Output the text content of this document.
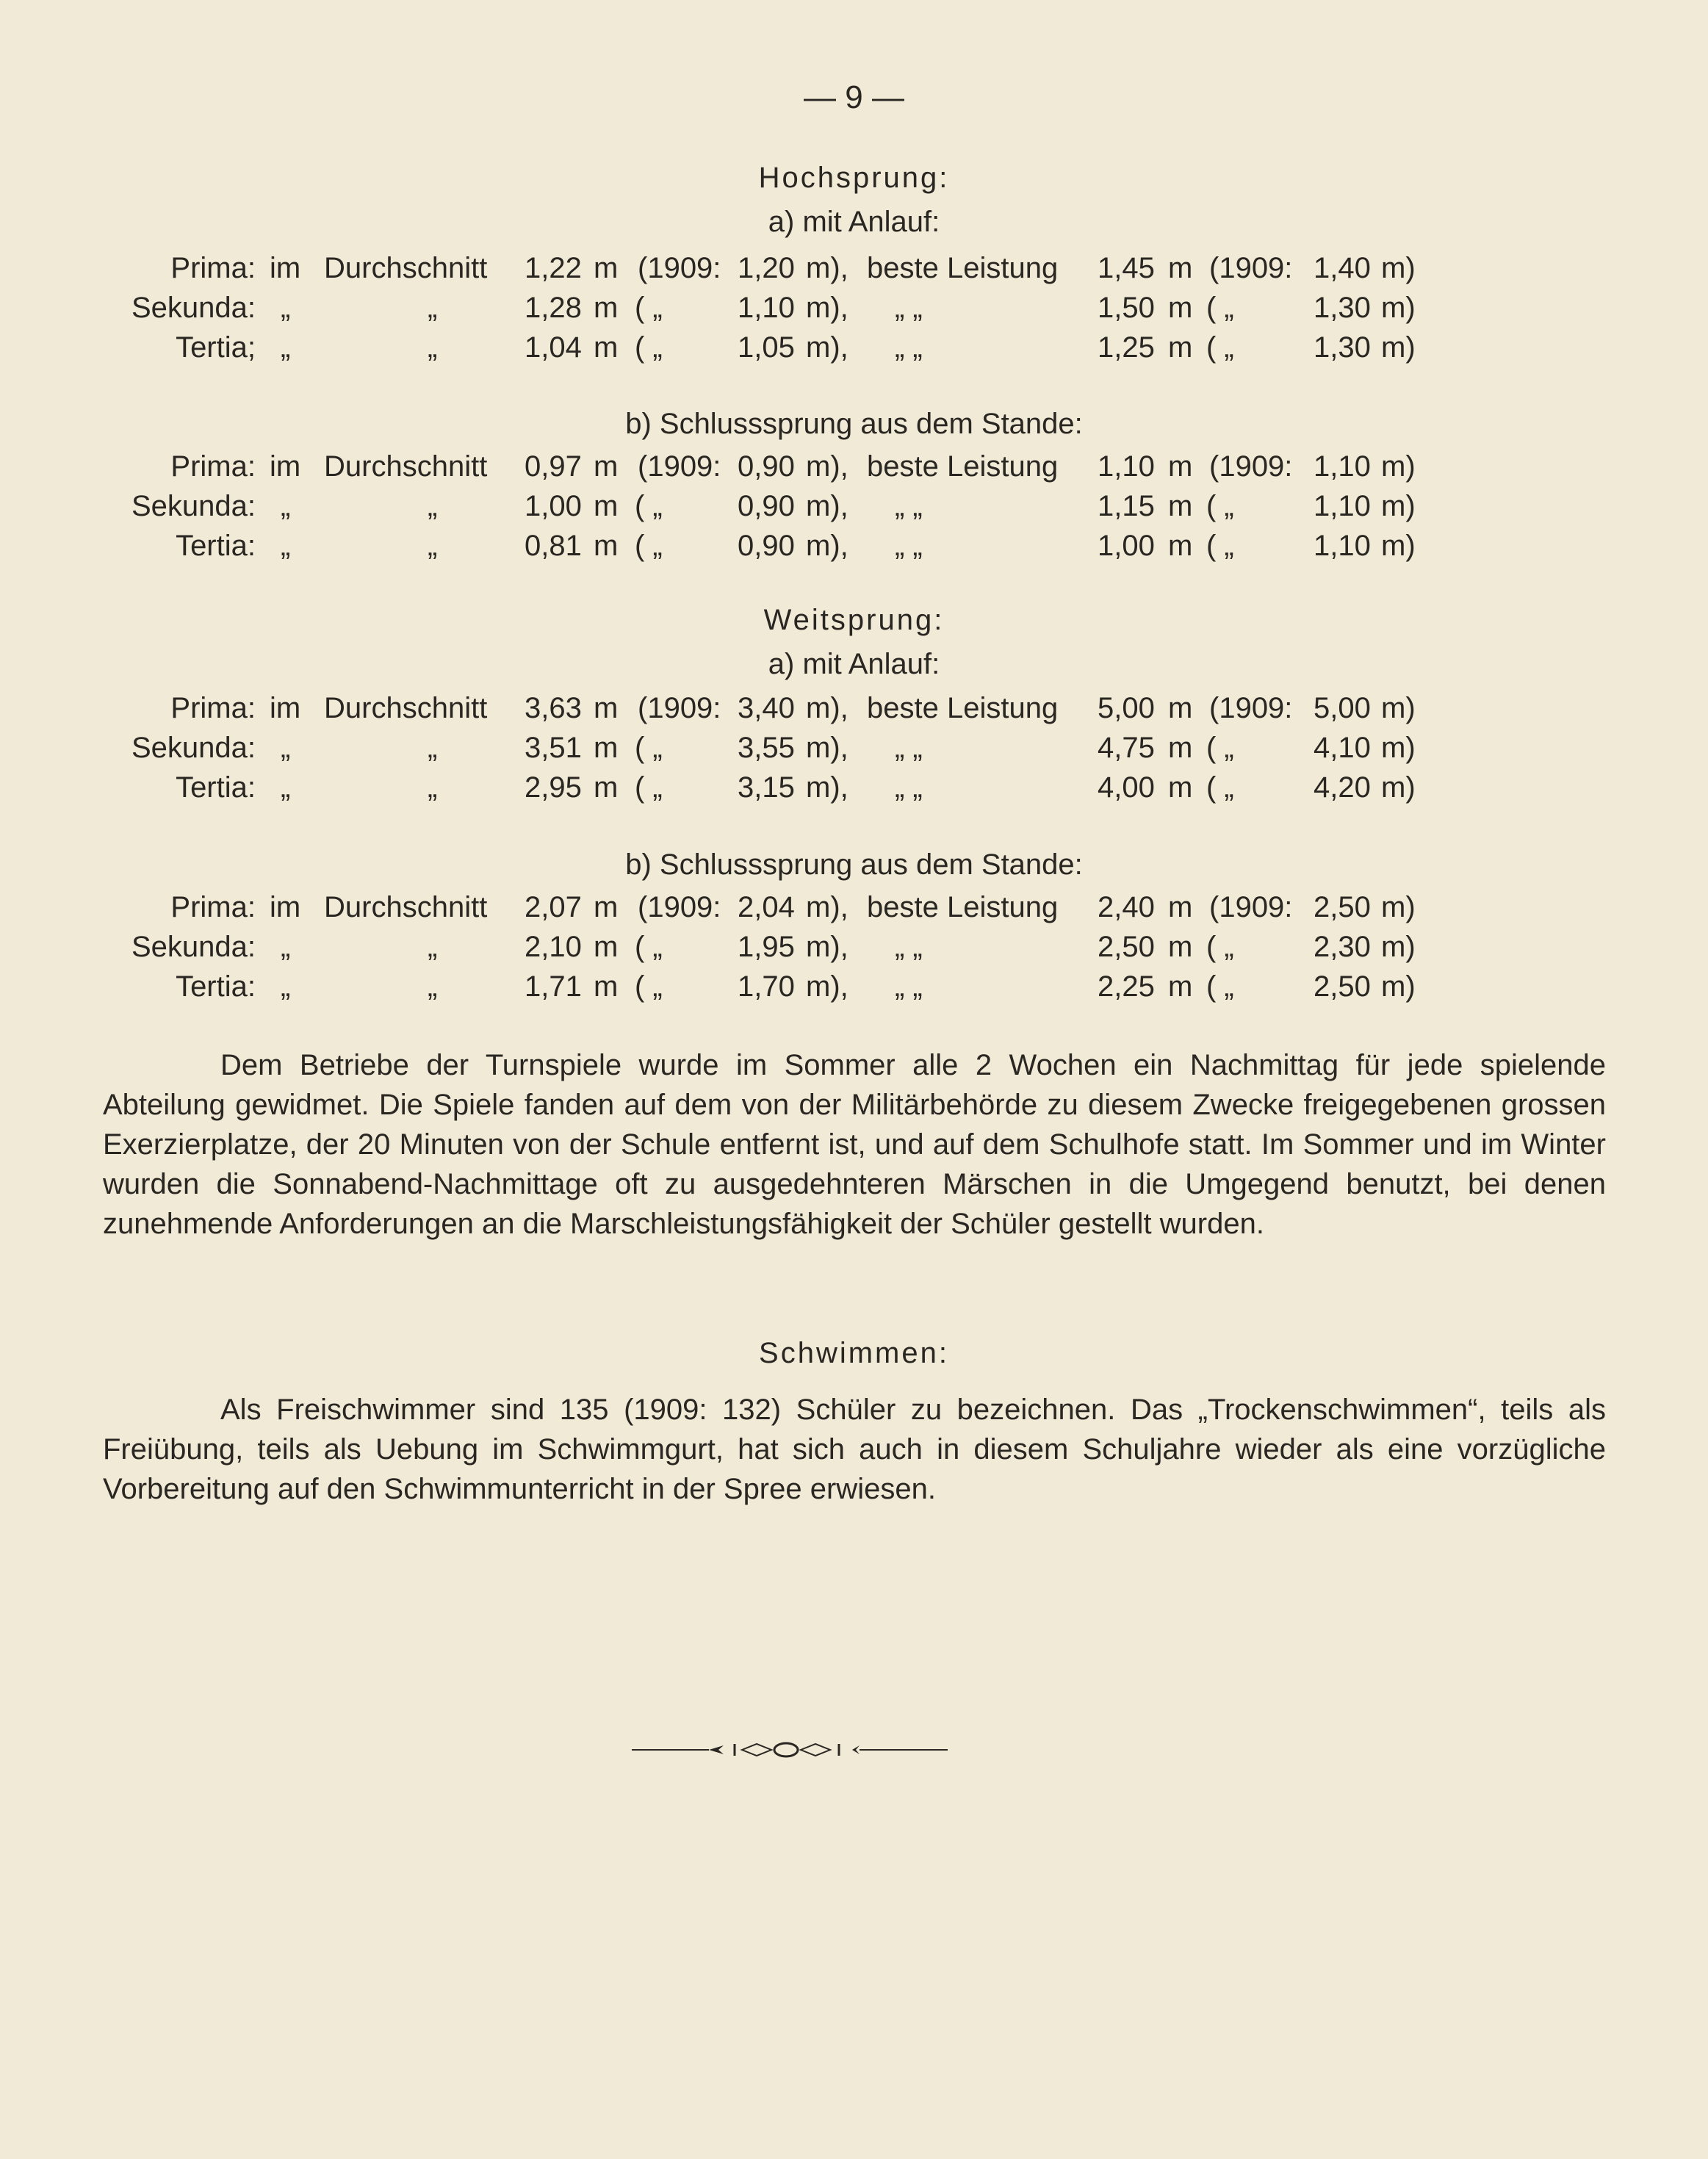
— 9 —
Hochsprung:
a) mit Anlauf:
Prima: im Durchschnitt 1,22 m (1909: 1,20 m), beste Leistung 1,45 m (1909: 1,40 m)
Sekunda: „	„	1,28 m ( „	1,10 m), „ „	1,50 m ( „	1,30 m)
Tertia; „	„	1,04 m ( „	1,05 m), „ „	1,25 m ( „	1,30 m)
b) Schlusssprung aus dem Stande:
Prima: im Durchschnitt 0,97 m (1909: 0,90 m), beste Leistung 1,10 m (1909: 1,10 m)
Sekunda: „	„	1,00 m ( „	0,90 m), „ „	1,15 m ( „	1,10 m)
Tertia: „	„	0,81 m ( „	0,90 m), „ „	1,00 m ( „	1,10 m)
Weitsprung:
a) mit Anlauf:
Prima: im Durchschnitt 3,63 m (1909: 3,40 m), beste Leistung 5,00 m (1909: 5,00 m)
Sekunda: „	„	3,51 m ( „	3,55 m), „ „	4,75 m ( „	4,10 m)
Tertia: „	„	2,95 m ( „	3,15 m), „ „	4,00 m ( „	4,20 m)
b) Schlusssprung aus dem Stande:
Prima: im Durchschnitt 2,07 m (1909: 2,04 m), beste Leistung 2,40 m (1909: 2,50 m)
Sekunda: „	„	2,10 m ( „	1,95 m), „ „	2,50 m ( „	2,30 m)
Tertia: „	„	1,71 m ( „	1,70 m), „ „	2,25 m ( „	2,50 m)
Dem Betriebe der Turnspiele wurde im Sommer alle 2 Wochen ein Nachmittag für jede spielende Abteilung gewidmet. Die Spiele fanden auf dem von der Militärbehörde zu diesem Zwecke freigegebenen grossen Exerzierplatze, der 20 Minuten von der Schule entfernt ist, und auf dem Schulhofe statt. Im Sommer und im Winter wurden die Sonnabend-Nachmittage oft zu ausgedehnteren Märschen in die Umgegend benutzt, bei denen zunehmende Anforderungen an die Marschleistungsfähigkeit der Schüler gestellt wurden.
Schwimmen:
Als Freischwimmer sind 135 (1909: 132) Schüler zu bezeichnen. Das „Trockenschwimmen“, teils als Freiübung, teils als Uebung im Schwimmgurt, hat sich auch in diesem Schuljahre wieder als eine vorzügliche Vorbereitung auf den Schwimmunterricht in der Spree erwiesen.
